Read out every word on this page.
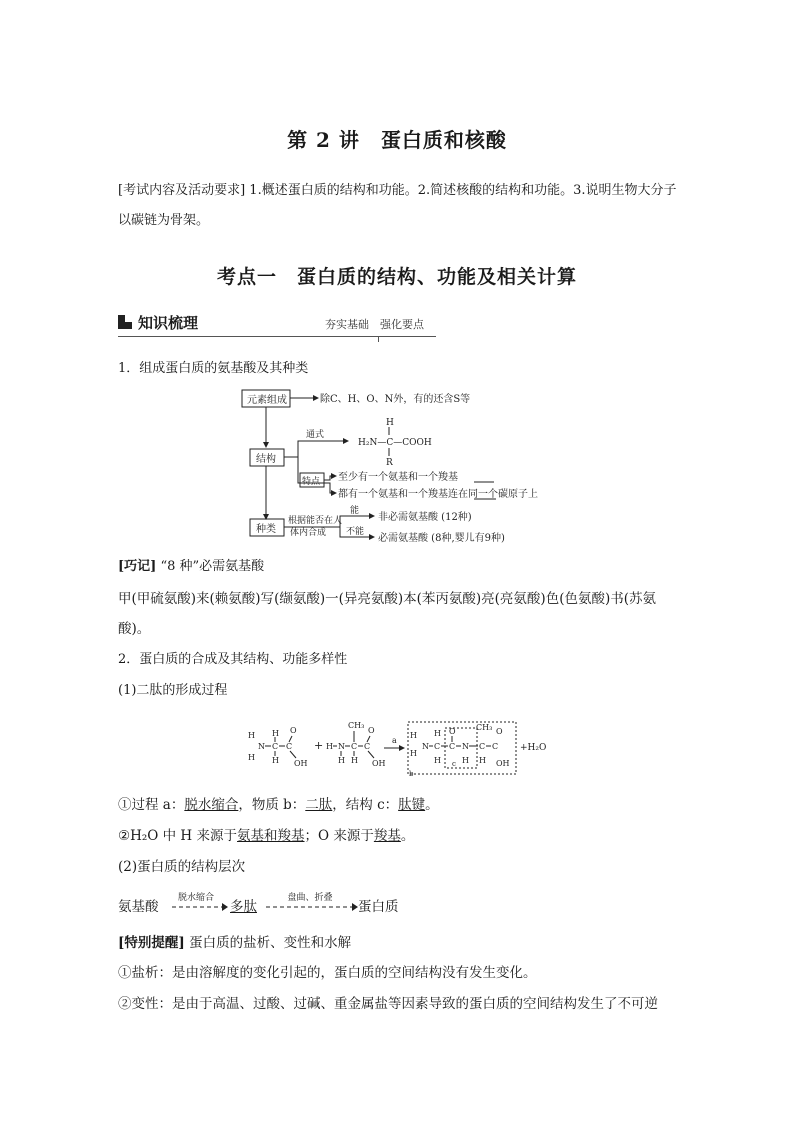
第 2 讲　蛋白质和核酸
[考试内容及活动要求] 1.概述蛋白质的结构和功能。2.简述核酸的结构和功能。3.说明生物大分子以碳链为骨架。
考点一　蛋白质的结构、功能及相关计算
知识梳理	夯实基础　强化要点
1．组成蛋白质的氨基酸及其种类
元素组成	除C、H、O、N外，有的还含S等
结构
通式
H
H₂N—C—COOH
R
特点 至少有一个氨基和一个羧基
都有一个氨基和一个羧基连在同一个碳原子上
种类
根据能否在人
体内合成
能
不能
非必需氨基酸 (12种)
必需氨基酸 (8种,婴儿有9种)
[巧记] “8 种”必需氨基酸
甲(甲硫氨酸)来(赖氨酸)写(缬氨酸)一(异亮氨酸)本(苯丙氨酸)亮(亮氨酸)色(色氨酸)书(苏氨酸)。
2．蛋白质的合成及其结构、功能多样性
(1)二肽的形成过程
H
H
N C
H
H
C
O
OH
+ H N
H
C
CH₃
H
C
O
OH
a
H
H
N C
H
H
C
O
N
H
c
C
CH₃
H
C
O
OH
b
+H₂O
①过程 a：脱水缩合，物质 b：二肽，结构 c：肽键。
②H₂O 中 H 来源于氨基和羧基；O 来源于羧基。
(2)蛋白质的结构层次
氨基酸
脱水缩合
多肽
盘曲、折叠
蛋白质
[特别提醒] 蛋白质的盐析、变性和水解
①盐析：是由溶解度的变化引起的，蛋白质的空间结构没有发生变化。
②变性：是由于高温、过酸、过碱、重金属盐等因素导致的蛋白质的空间结构发生了不可逆
